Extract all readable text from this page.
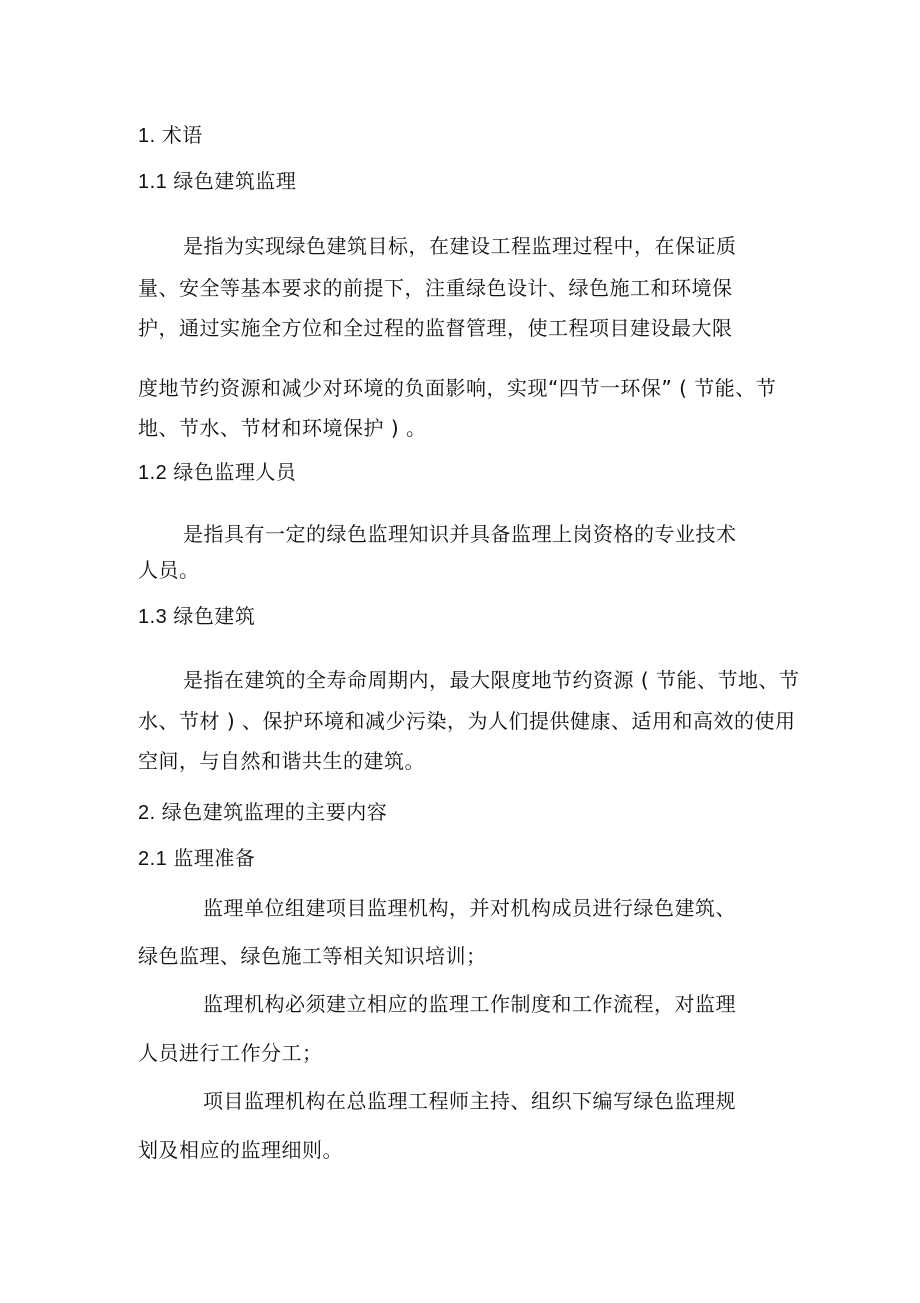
1. 术语
1.1 绿色建筑监理
是指为实现绿色建筑目标，在建设工程监理过程中，在保证质
量、安全等基本要求的前提下，注重绿色设计、绿色施工和环境保
护，通过实施全方位和全过程的监督管理，使工程项目建设最大限
度地节约资源和减少对环境的负面影响，实现“四节一环保” ( 节能、节
地、节水、节材和环境保护 ) 。
1.2 绿色监理人员
是指具有一定的绿色监理知识并具备监理上岗资格的专业技术
人员。
1.3 绿色建筑
是指在建筑的全寿命周期内，最大限度地节约资源 ( 节能、节地、节
水、节材 ) 、保护环境和减少污染，为人们提供健康、适用和高效的使用
空间，与自然和谐共生的建筑。
2. 绿色建筑监理的主要内容
2.1 监理准备
监理单位组建项目监理机构，并对机构成员进行绿色建筑、
绿色监理、绿色施工等相关知识培训；
监理机构必须建立相应的监理工作制度和工作流程，对监理
人员进行工作分工；
项目监理机构在总监理工程师主持、组织下编写绿色监理规
划及相应的监理细则。
